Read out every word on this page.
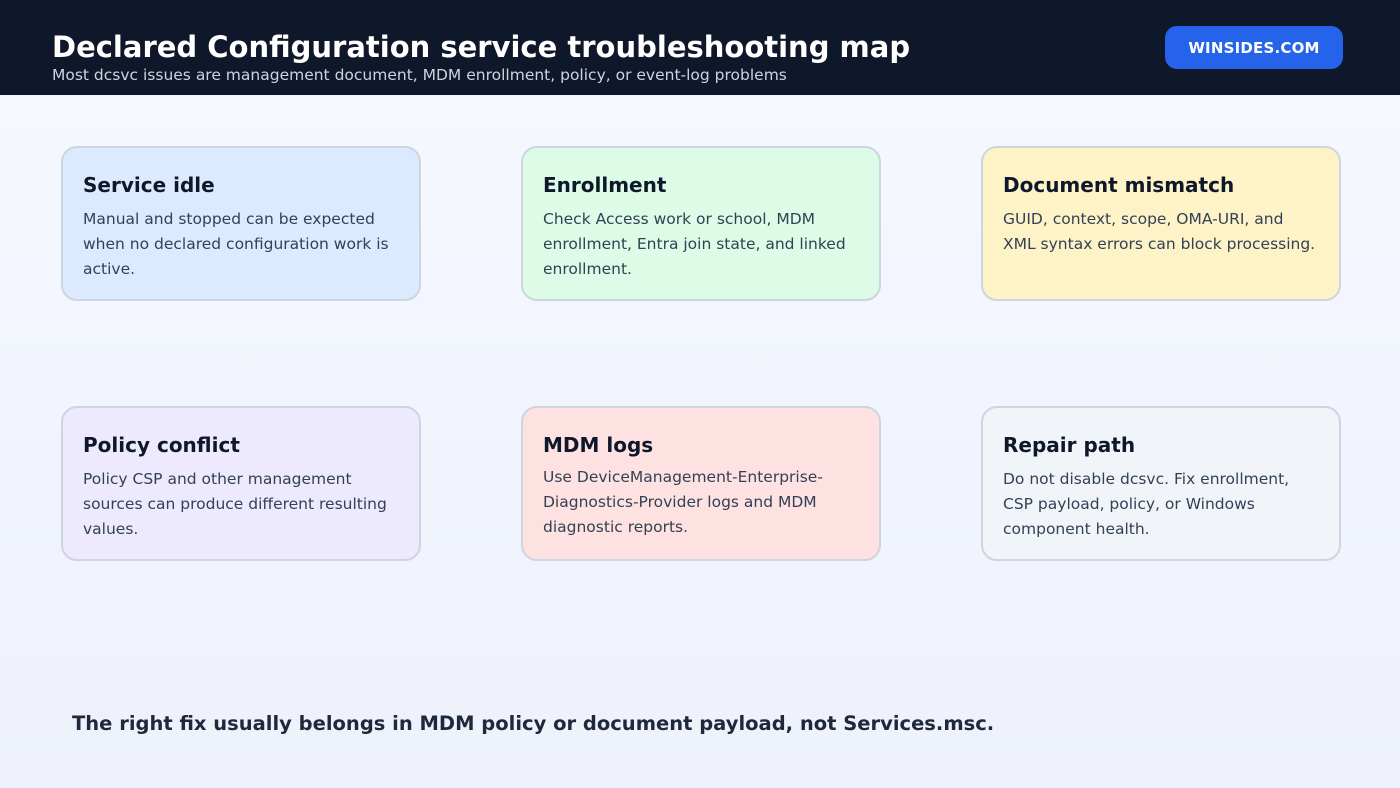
Declared Configuration service troubleshooting map
Most dcsvc issues are management document, MDM enrollment, policy, or event-log problems
WINSIDES.COM
Service idle

Manual and stopped can be expected when no declared configuration work is active.

Enrollment

Check Access work or school, MDM enrollment, Entra join state, and linked enrollment.

Document mismatch

GUID, context, scope, OMA-URI, and XML syntax errors can block processing.

Policy conflict

Policy CSP and other management sources can produce different resulting values.

MDM logs

Use DeviceManagement-Enterprise-Diagnostics-Provider logs and MDM diagnostic reports.

Repair path

Do not disable dcsvc. Fix enrollment, CSP payload, policy, or Windows component health.

The right fix usually belongs in MDM policy or document payload, not Services.msc.
